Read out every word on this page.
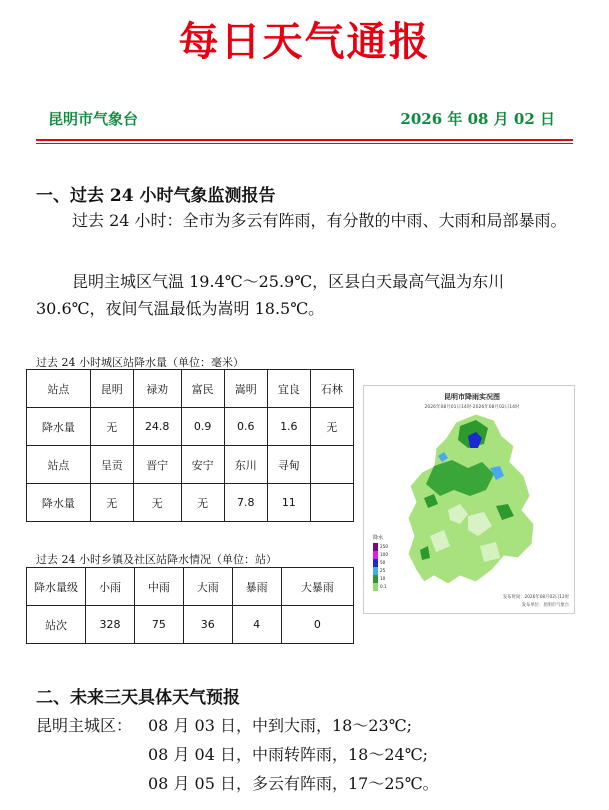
每日天气通报
昆明市气象台	2026 年 08 月 02 日
一、过去 24 小时气象监测报告

过去 24 小时：全市为多云有阵雨，有分散的中雨、大雨和局部暴雨。

昆明主城区气温 19.4℃～25.9℃，区县白天最高气温为东川 30.6℃，夜间气温最低为嵩明 18.5℃。

过去 24 小时城区站降水量（单位：毫米）
站点	昆明	禄劝	富民	嵩明	宜良	石林
降水量	无	24.8	0.9	0.6	1.6	无
站点	呈贡	晋宁	安宁	东川	寻甸	
降水量	无	无	无	7.8	11	
过去 24 小时乡镇及社区站降水情况（单位：站）
降水量级	小雨	中雨	大雨	暴雨	大暴雨
站次	328	75	36	4	0
昆明市降雨实况图
2026年08月01日14时-2026年08月02日14时
降水
250
100
50
25
10
0.1
发布时间：2026年08月02日12时
发布单位：昆明市气象台
二、未来三天具体天气预报
昆明主城区： 08 月 03 日，中到大雨，18～23℃;
08 月 04 日，中雨转阵雨，18～24℃;
08 月 05 日，多云有阵雨，17～25℃。
